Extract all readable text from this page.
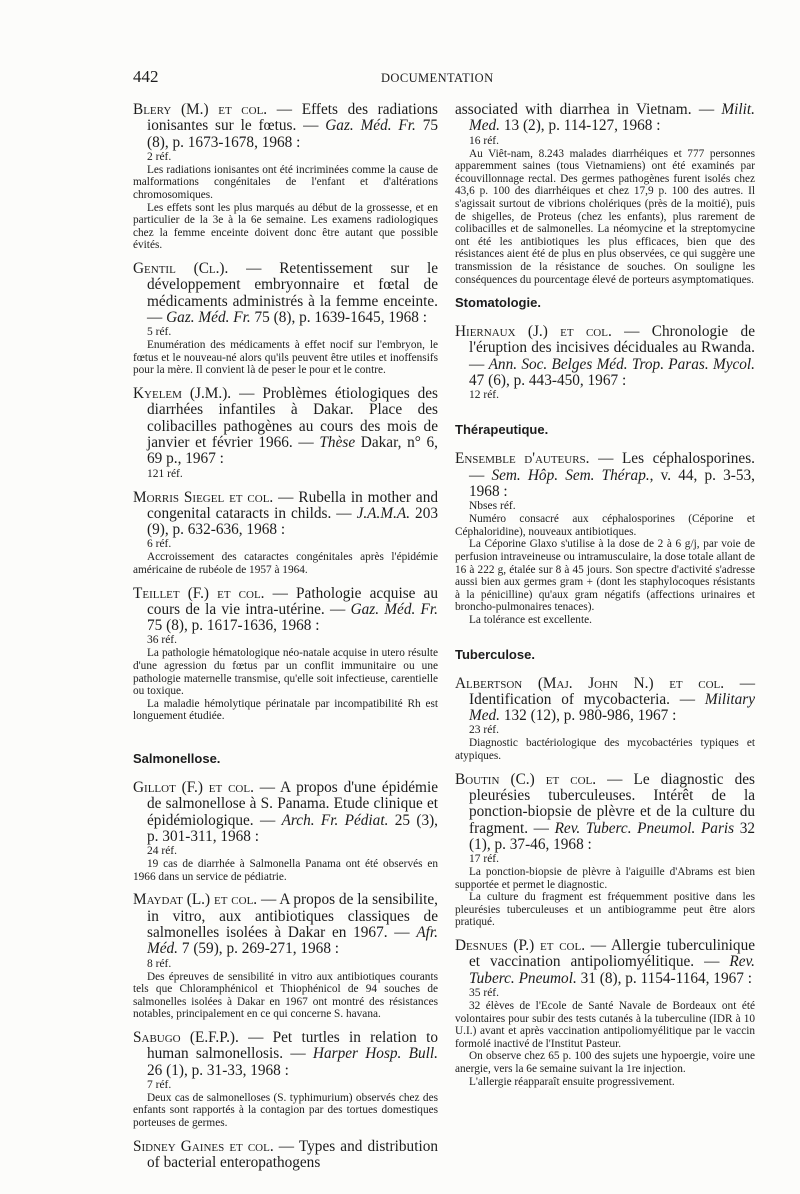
442	DOCUMENTATION
Blery (M.) et col. — Effets des radiations ionisantes sur le fœtus. — Gaz. Méd. Fr. 75 (8), p. 1673-1678, 1968 :
2 réf.

Les radiations ionisantes ont été incriminées comme la cause de malformations congénitales de l'enfant et d'altérations chromosomiques.

Les effets sont les plus marqués au début de la grossesse, et en particulier de la 3e à la 6e semaine. Les examens radiologiques chez la femme enceinte doivent donc être autant que possible évités.

Gentil (Cl.). — Retentissement sur le développement embryonnaire et fœtal de médicaments administrés à la femme enceinte. — Gaz. Méd. Fr. 75 (8), p. 1639-1645, 1968 :
5 réf.

Enumération des médicaments à effet nocif sur l'embryon, le fœtus et le nouveau-né alors qu'ils peuvent être utiles et inoffensifs pour la mère. Il convient là de peser le pour et le contre.

Kyelem (J.M.). — Problèmes étiologiques des diarrhées infantiles à Dakar. Place des colibacilles pathogènes au cours des mois de janvier et février 1966. — Thèse Dakar, n° 6, 69 p., 1967 :
121 réf.
Morris Siegel et col. — Rubella in mother and congenital cataracts in childs. — J.A.M.A. 203 (9), p. 632-636, 1968 :
6 réf.

Accroissement des cataractes congénitales après l'épidémie américaine de rubéole de 1957 à 1964.

Teillet (F.) et col. — Pathologie acquise au cours de la vie intra-utérine. — Gaz. Méd. Fr. 75 (8), p. 1617-1636, 1968 :
36 réf.

La pathologie hématologique néo-natale acquise in utero résulte d'une agression du fœtus par un conflit immunitaire ou une pathologie maternelle transmise, qu'elle soit infectieuse, carentielle ou toxique.

La maladie hémolytique périnatale par incompatibilité Rh est longuement étudiée.

Salmonellose.
Gillot (F.) et col. — A propos d'une épidémie de salmonellose à S. Panama. Etude clinique et épidémiologique. — Arch. Fr. Pédiat. 25 (3), p. 301-311, 1968 :
24 réf.

19 cas de diarrhée à Salmonella Panama ont été observés en 1966 dans un service de pédiatrie.

Maydat (L.) et col. — A propos de la sensibilite, in vitro, aux antibiotiques classiques de salmonelles isolées à Dakar en 1967. — Afr. Méd. 7 (59), p. 269-271, 1968 :
8 réf.

Des épreuves de sensibilité in vitro aux antibiotiques courants tels que Chloramphénicol et Thiophénicol de 94 souches de salmonelles isolées à Dakar en 1967 ont montré des résistances notables, principalement en ce qui concerne S. havana.

Sabugo (E.F.P.). — Pet turtles in relation to human salmonellosis. — Harper Hosp. Bull. 26 (1), p. 31-33, 1968 :
7 réf.

Deux cas de salmonelloses (S. typhimurium) observés chez des enfants sont rapportés à la contagion par des tortues domestiques porteuses de germes.

Sidney Gaines et col. — Types and distribution of bacterial enteropathogens
associated with diarrhea in Vietnam. — Milit. Med. 13 (2), p. 114-127, 1968 :
16 réf.

Au Viêt-nam, 8.243 malades diarrhéiques et 777 personnes apparemment saines (tous Vietnamiens) ont été examinés par écouvillonnage rectal. Des germes pathogènes furent isolés chez 43,6 p. 100 des diarrhéiques et chez 17,9 p. 100 des autres. Il s'agissait surtout de vibrions cholériques (près de la moitié), puis de shigelles, de Proteus (chez les enfants), plus rarement de colibacilles et de salmonelles. La néomycine et la streptomycine ont été les antibiotiques les plus efficaces, bien que des résistances aient été de plus en plus observées, ce qui suggère une transmission de la résistance de souches. On souligne les conséquences du pourcentage élevé de porteurs asymptomatiques.

Stomatologie.
Hiernaux (J.) et col. — Chronologie de l'éruption des incisives déciduales au Rwanda. — Ann. Soc. Belges Méd. Trop. Paras. Mycol. 47 (6), p. 443-450, 1967 :
12 réf.
Thérapeutique.
Ensemble d'auteurs. — Les céphalosporines. — Sem. Hôp. Sem. Thérap., v. 44, p. 3-53, 1968 :
Nbses réf.

Numéro consacré aux céphalosporines (Céporine et Céphaloridine), nouveaux antibiotiques.

La Céporine Glaxo s'utilise à la dose de 2 à 6 g/j, par voie de perfusion intraveineuse ou intramusculaire, la dose totale allant de 16 à 222 g, étalée sur 8 à 45 jours. Son spectre d'activité s'adresse aussi bien aux germes gram + (dont les staphylocoques résistants à la pénicilline) qu'aux gram négatifs (affections urinaires et broncho-pulmonaires tenaces).

La tolérance est excellente.

Tuberculose.
Albertson (Maj. John N.) et col. — Identification of mycobacteria. — Military Med. 132 (12), p. 980-986, 1967 :
23 réf.

Diagnostic bactériologique des mycobactéries typiques et atypiques.

Boutin (C.) et col. — Le diagnostic des pleurésies tuberculeuses. Intérêt de la ponction-biopsie de plèvre et de la culture du fragment. — Rev. Tuberc. Pneumol. Paris 32 (1), p. 37-46, 1968 :
17 réf.

La ponction-biopsie de plèvre à l'aiguille d'Abrams est bien supportée et permet le diagnostic.

La culture du fragment est fréquemment positive dans les pleurésies tuberculeuses et un antibiogramme peut être alors pratiqué.

Desnues (P.) et col. — Allergie tuberculinique et vaccination antipoliomyélitique. — Rev. Tuberc. Pneumol. 31 (8), p. 1154-1164, 1967 :
35 réf.

32 élèves de l'Ecole de Santé Navale de Bordeaux ont été volontaires pour subir des tests cutanés à la tuberculine (IDR à 10 U.I.) avant et après vaccination antipoliomyélitique par le vaccin formolé inactivé de l'Institut Pasteur.

On observe chez 65 p. 100 des sujets une hypoergie, voire une anergie, vers la 6e semaine suivant la 1re injection.

L'allergie réapparaît ensuite progressivement.
